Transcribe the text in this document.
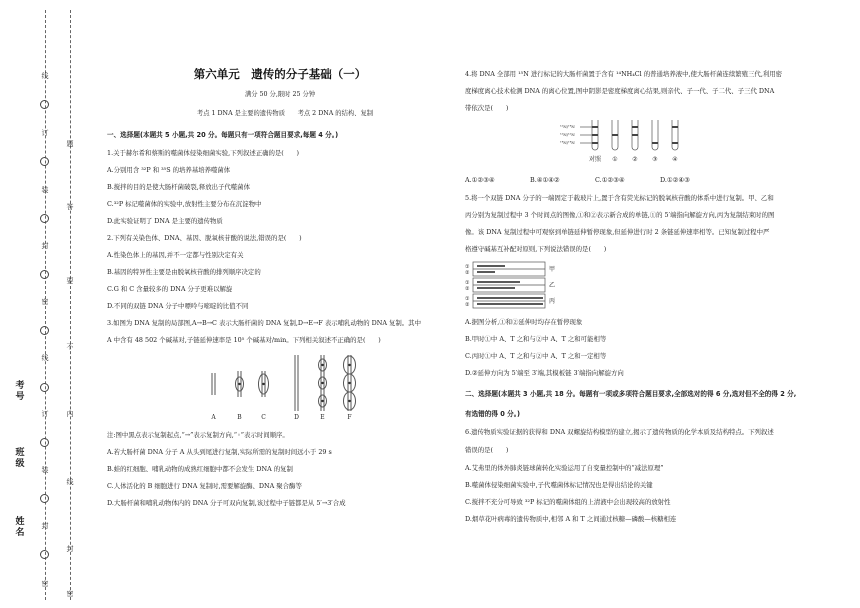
线
订
装
封
密
线
订
装
封
密
题
答
要
不
内
线
封
密
考号
班级
姓名
第六单元　遗传的分子基础（一）
满分 50 分,限时 25 分钟
考点 1 DNA 是主要的遗传物质　　考点 2 DNA 的结构、复制
一、选择题(本题共 5 小题,共 20 分。每题只有一项符合题目要求,每题 4 分。)
1.关于赫尔希和蔡斯的噬菌体侵染细菌实验,下列叙述正确的是(　　)
A.分别用含 ³²P 和 ³⁵S 的培养基培养噬菌体
B.搅拌的目的是使大肠杆菌破裂,释放出子代噬菌体
C.³²P 标记噬菌体的实验中,放射性主要分布在沉淀物中
D.此实验证明了 DNA 是主要的遗传物质
2.下列有关染色体、DNA、基因、脱氧核苷酸的说法,错误的是(　　)
A.性染色体上的基因,并不一定都与性别决定有关
B.基因的特异性主要是由脱氧核苷酸的排列顺序决定的
C.G 和 C 含量较多的 DNA 分子更难以解旋
D.不同的双链 DNA 分子中嘌呤与嘧啶的比值不同
3.如图为 DNA 复制的局部图,A→B→C 表示大肠杆菌的 DNA 复制,D→E→F 表示哺乳动物的 DNA 复制。其中
A 中含有 48 502 个碱基对,子链延伸速率是 10⁵ 个碱基对/min。下列相关叙述不正确的是(　　)
A	B	C	D	E	F
注:图中黑点表示复制起点,“→”表示复制方向,“◦”表示时间顺序。
A.若大肠杆菌 DNA 分子 A 从头到尾进行复制,实际所需的复制时间远小于 29 s
B.蛙的红细胞、哺乳动物的成熟红细胞中都不会发生 DNA 的复制
C.人体活化的 B 细胞进行 DNA 复制时,需要解旋酶、DNA 聚合酶等
D.大肠杆菌和哺乳动物体内的 DNA 分子可双向复制,该过程中子链都是从 5′→3′合成
4.将 DNA 全部用 ¹⁵N 进行标记的大肠杆菌置于含有 ¹⁴NH₄Cl 的普通培养液中,使大肠杆菌连续繁殖三代,利用密
度梯度离心技术检测 DNA 的离心位置,图中阴影是密度梯度离心结果,则亲代、子一代、子二代、子三代 DNA
带依次是(　　)
¹⁵N/¹⁴N
¹⁵N/¹⁵N
¹⁴N/¹⁴N
对照 ① ② ③ ④
A.①②③④	B.④①④②	C.①②③④	D.①②④③
5.将一个双链 DNA 分子的一端固定于载玻片上,置于含有荧光标记的脱氧核苷酸的体系中进行复制。甲、乙和
丙分别为复制过程中 3 个时间点的图像,①和②表示新合成的单链,①的 5′端指向解旋方向,丙为复制结束时的图
像。该 DNA 复制过程中可观察到单链延伸暂停现象,但延伸进行时 2 条链延伸速率相等。已知复制过程中严
格遵守碱基互补配对原则,下列说法错误的是(　　)
①
②
①
②
①
②
甲
乙
丙
A.据图分析,①和②延伸时均存在暂停现象
B.甲时①中 A、T 之和与②中 A、T 之和可能相等
C.丙时①中 A、T 之和与②中 A、T 之和一定相等
D.②延伸方向为 5′端至 3′端,其模板链 3′端指向解旋方向
二、选择题(本题共 3 小题,共 18 分。每题有一项或多项符合题目要求,全部选对的得 6 分,选对但不全的得 2 分,
有选错的得 0 分。)
6.遗传物质实验证据的获得和 DNA 双螺旋结构模型的建立,揭示了遗传物质的化学本质及结构特点。下列叙述
错误的是(　　)
A.艾弗里的体外肺炎链球菌转化实验运用了自变量控制中的“减法原理”
B.噬菌体侵染细菌实验中,子代噬菌体标记情况也是得出结论的关键
C.搅拌不充分可导致 ³²P 标记的噬菌体组的上清液中会出现较高的放射性
D.烟草花叶病毒的遗传物质中,相邻 A 和 T 之间通过核糖—磷酸—核糖相连
